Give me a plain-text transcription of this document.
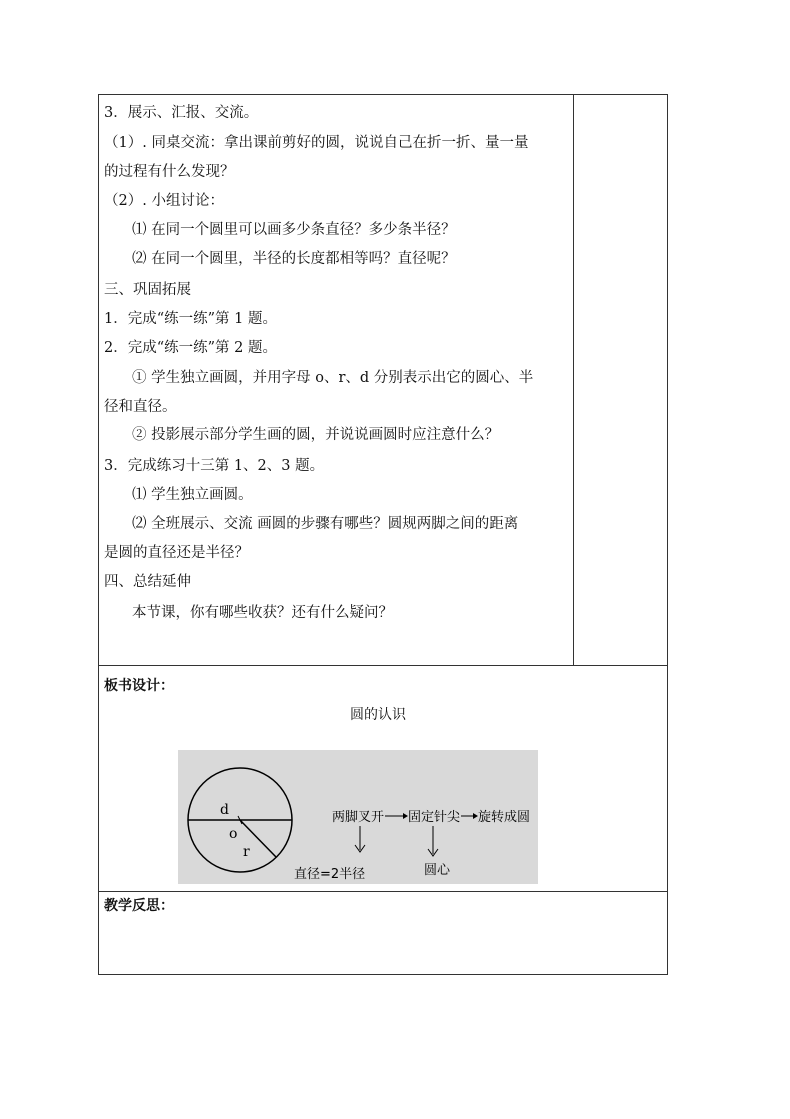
3．展示、汇报、交流。
（1）. 同桌交流：拿出课前剪好的圆，说说自己在折一折、量一量
的过程有什么发现？
（2）. 小组讨论：
⑴ 在同一个圆里可以画多少条直径？多少条半径？
⑵ 在同一个圆里，半径的长度都相等吗？直径呢？
三、巩固拓展
1．完成“练一练”第 1 题。
2．完成“练一练”第 2 题。
① 学生独立画圆，并用字母 o、r、d 分别表示出它的圆心、半
径和直径。
② 投影展示部分学生画的圆，并说说画圆时应注意什么？
3．完成练习十三第 1、2、3 题。
⑴ 学生独立画圆。
⑵ 全班展示、交流 画圆的步骤有哪些？圆规两脚之间的距离
是圆的直径还是半径？
四、总结延伸
本节课，你有哪些收获？还有什么疑问？
板书设计：
圆的认识
d
o
r
两脚叉开 固定针尖 旋转成圆
直径=2半径	圆心
教学反思：
